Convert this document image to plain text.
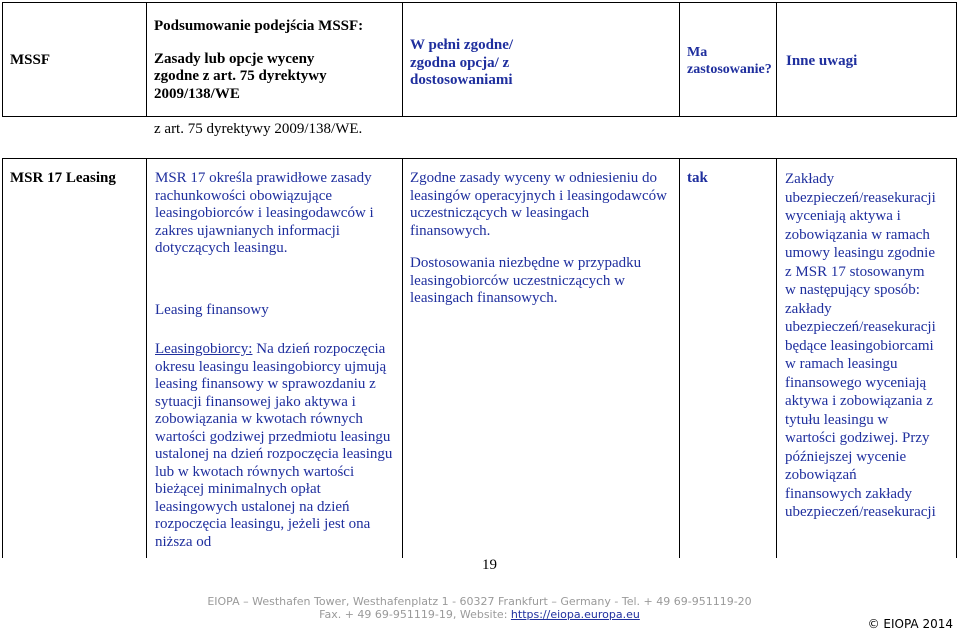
MSSF

Podsumowanie podejścia MSSF:

Zasady lub opcje wyceny zgodne z art. 75 dyrektywy 2009/138/WE

z art. 75 dyrektywy 2009/138/WE.
W pełni zgodne/ zgodna opcja/ z dostosowaniami
Ma zastosowanie?
Inne uwagi
MSR 17 Leasing	MSR 17 określa prawidłowe zasady rachunkowości obowiązujące leasingobiorców i leasingodawców i zakres ujawnianych informacji dotyczących leasingu.

Leasing finansowy

Leasingobiorcy: Na dzień rozpoczęcia okresu leasingu leasingobiorcy ujmują leasing finansowy w sprawozdaniu z sytuacji finansowej jako aktywa i zobowiązania w kwotach równych wartości godziwej przedmiotu leasingu ustalonej na dzień rozpoczęcia leasingu lub w kwotach równych wartości bieżącej minimalnych opłat leasingowych ustalonej na dzień rozpoczęcia leasingu, jeżeli jest ona niższa od

Zgodne zasady wyceny w odniesieniu do leasingów operacyjnych i leasingodawców uczestniczących w leasingach finansowych.

Dostosowania niezbędne w przypadku leasingobiorców uczestniczących w leasingach finansowych.

tak	Zakłady ubezpieczeń/reasekuracji wyceniają aktywa i zobowiązania w ramach umowy leasingu zgodnie z MSR 17 stosowanym w następujący sposób: zakłady ubezpieczeń/reasekuracji będące leasingobiorcami w ramach leasingu finansowego wyceniają aktywa i zobowiązania z tytułu leasingu w wartości godziwej. Przy późniejszej wycenie zobowiązań finansowych zakłady ubezpieczeń/reasekuracji
19
EIOPA – Westhafen Tower, Westhafenplatz 1 - 60327 Frankfurt – Germany - Tel. + 49 69-951119-20
Fax. + 49 69-951119-19, Website: https://eiopa.europa.eu
© EIOPA 2014
